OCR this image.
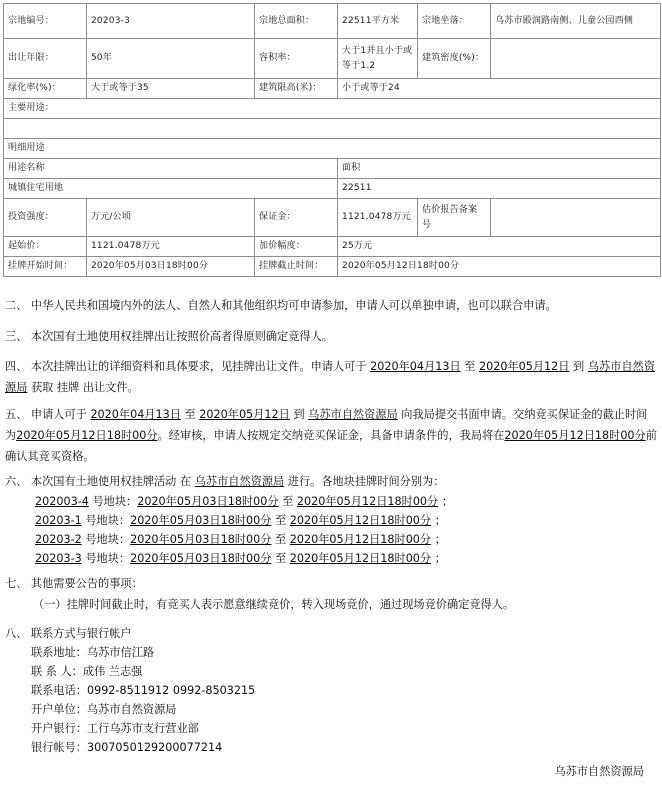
宗地编号：	20203-3	宗地总面积：	22511平方米	宗地坐落：	乌苏市殿润路南侧、儿童公园西侧
出让年限：	50年	容积率：	大于1并且小于或等于1.2	建筑密度(%)：	
绿化率(%)：	大于或等于35	建筑限高(米)：	小于或等于24		
主要用途：					

明细用途					
用途名称			面积		
城镇住宅用地			22511		
投资强度：	万元/公顷	保证金：	1121.0478万元	估价报告备案号	
起始价：	1121.0478万元	加价幅度：	25万元		
挂牌开始时间：	2020年05月03日18时00分	挂牌截止时间：	2020年05月12日18时00分		
二、 中华人民共和国境内外的法人、自然人和其他组织均可申请参加，申请人可以单独申请，也可以联合申请。
三、 本次国有土地使用权挂牌出让按照价高者得原则确定竞得人。
四、 本次挂牌出让的详细资料和具体要求，见挂牌出让文件。申请人可于 2020年04月13日 至 2020年05月12日 到 乌苏市自然资源局 获取 挂牌 出让文件。
五、 申请人可于 2020年04月13日 至 2020年05月12日 到 乌苏市自然资源局 向我局提交书面申请。交纳竞买保证金的截止时间为2020年05月12日18时00分。经审核，申请人按规定交纳竞买保证金，具备申请条件的，我局将在2020年05月12日18时00分前确认其竞买资格。
六、 本次国有土地使用权挂牌活动 在 乌苏市自然资源局 进行。各地块挂牌时间分别为：
202003-4 号地块：2020年05月03日18时00分 至 2020年05月12日18时00分 ；
20203-1 号地块：2020年05月03日18时00分 至 2020年05月12日18时00分 ；
20203-2 号地块：2020年05月03日18时00分 至 2020年05月12日18时00分 ；
20203-3 号地块：2020年05月03日18时00分 至 2020年05月12日18时00分 ；
七、 其他需要公告的事项：
（一）挂牌时间截止时，有竞买人表示愿意继续竞价，转入现场竞价，通过现场竞价确定竞得人。
八、 联系方式与银行帐户
联系地址：乌苏市信江路
联 系 人：成伟 兰志强
联系电话：0992-8511912 0992-8503215
开户单位：乌苏市自然资源局
开户银行：工行乌苏市支行营业部
银行帐号：3007050129200077214
乌苏市自然资源局
